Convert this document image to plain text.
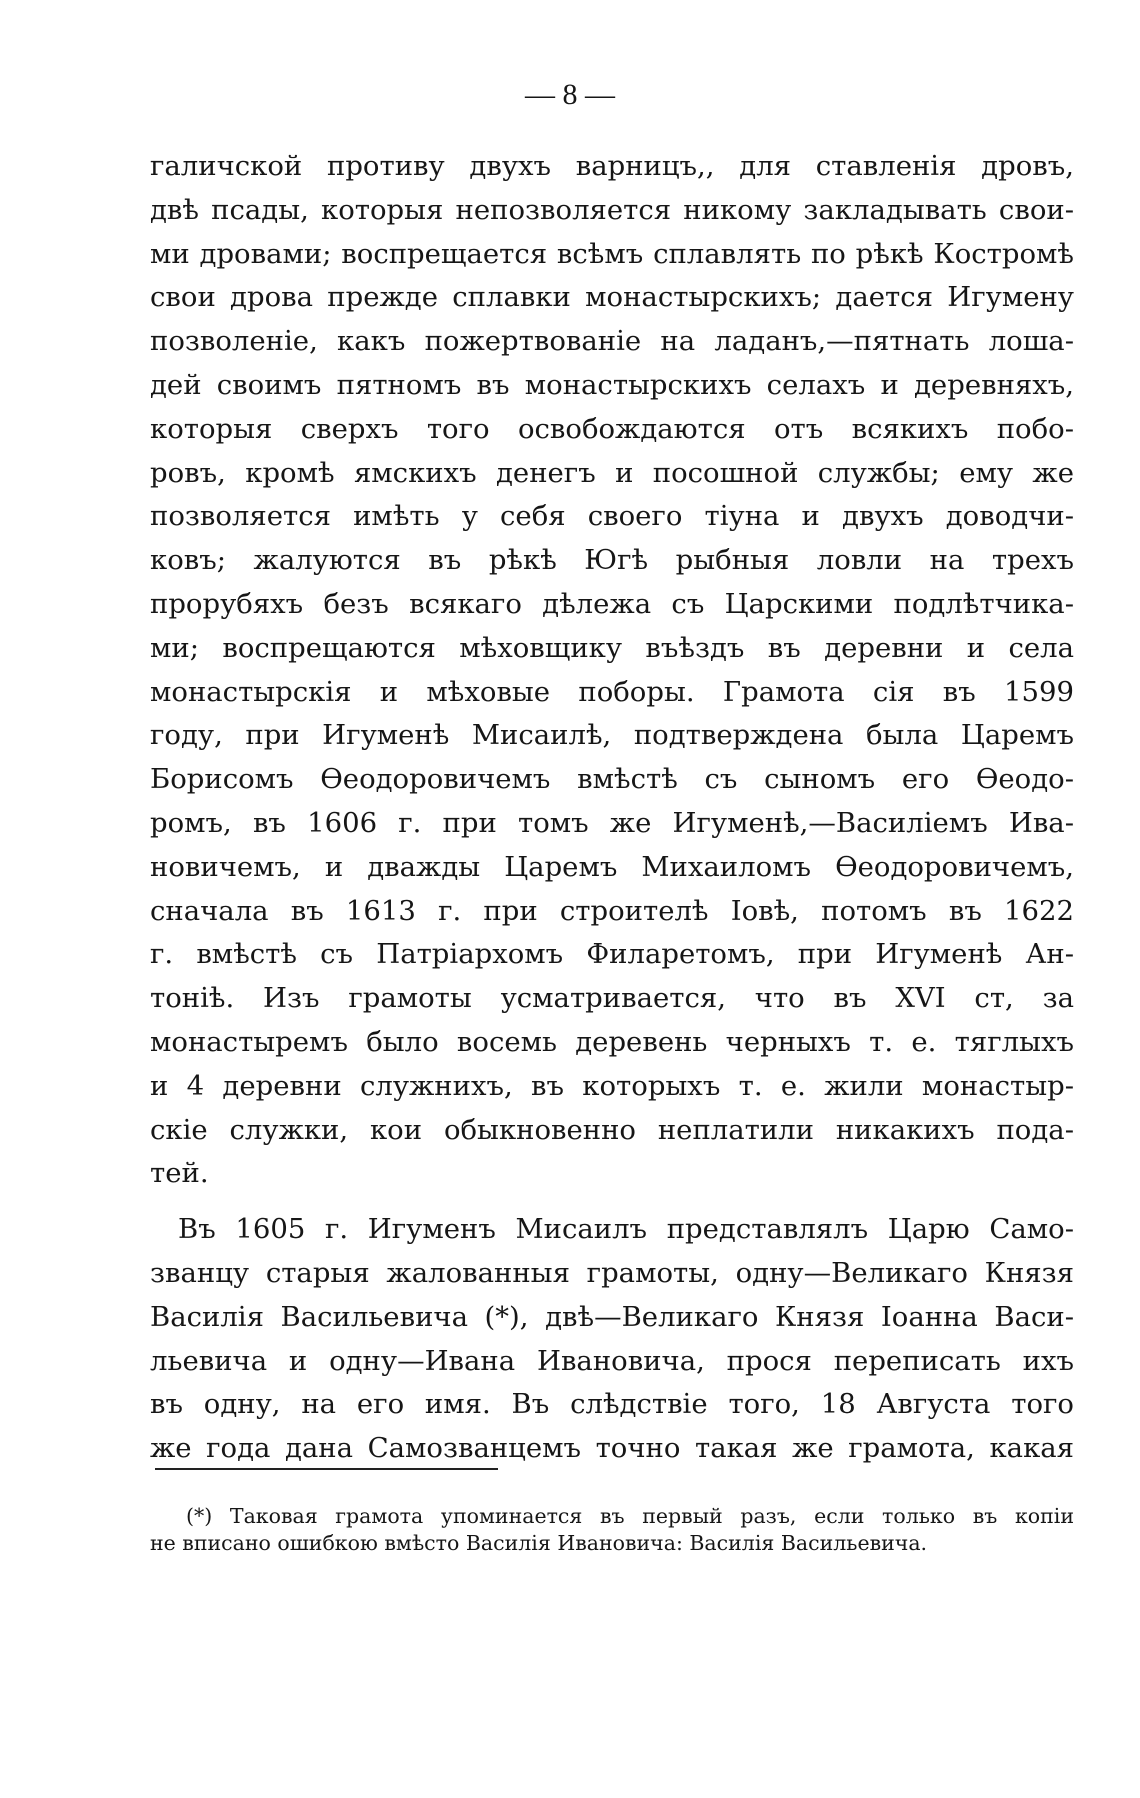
— 8 —
галичской противу двухъ варницъ,, для ставленія дровъ,
двѣ псады, которыя непозволяется никому закладывать свои-
ми дровами; воспрещается всѣмъ сплавлять по рѣкѣ Костромѣ
свои дрова прежде сплавки монастырскихъ; дается Игумену
позволеніе, какъ пожертвованіе на ладанъ,—пятнать лоша-
дей своимъ пятномъ въ монастырскихъ селахъ и деревняхъ,
которыя сверхъ того освобождаются отъ всякихъ побо-
ровъ, кромѣ ямскихъ денегъ и посошной службы; ему же
позволяется имѣть у себя своего тіуна и двухъ доводчи-
ковъ; жалуются въ рѣкѣ Югѣ рыбныя ловли на трехъ
прорубяхъ безъ всякаго дѣлежа съ Царскими подлѣтчика-
ми; воспрещаются мѣховщику въѣздъ въ деревни и села
монастырскія и мѣховые поборы. Грамота сія въ 1599
году, при Игуменѣ Мисаилѣ, подтверждена была Царемъ
Борисомъ Ѳеодоровичемъ вмѣстѣ съ сыномъ его Ѳеодо-
ромъ, въ 1606 г. при томъ же Игуменѣ,—Василіемъ Ива-
новичемъ, и дважды Царемъ Михаиломъ Ѳеодоровичемъ,
сначала въ 1613 г. при строителѣ Іовѣ, потомъ въ 1622
г. вмѣстѣ съ Патріархомъ Филаретомъ, при Игуменѣ Ан-
тоніѣ. Изъ грамоты усматривается, что въ XVI ст, за
монастыремъ было восемь деревень черныхъ т. е. тяглыхъ
и 4 деревни служнихъ, въ которыхъ т. е. жили монастыр-
скіе служки, кои обыкновенно неплатили никакихъ пода-
тей.
Въ 1605 г. Игуменъ Мисаилъ представлялъ Царю Само-
званцу старыя жалованныя грамоты, одну—Великаго Князя
Василія Васильевича (*), двѣ—Великаго Князя Іоанна Васи-
льевича и одну—Ивана Ивановича, прося переписать ихъ
въ одну, на его имя. Въ слѣдствіе того, 18 Августа того
же года дана Самозванцемъ точно такая же грамота, какая
(*) Таковая грамота упоминается въ первый разъ, если только въ копіи
не вписано ошибкою вмѣсто Василія Ивановича: Василія Васильевича.
